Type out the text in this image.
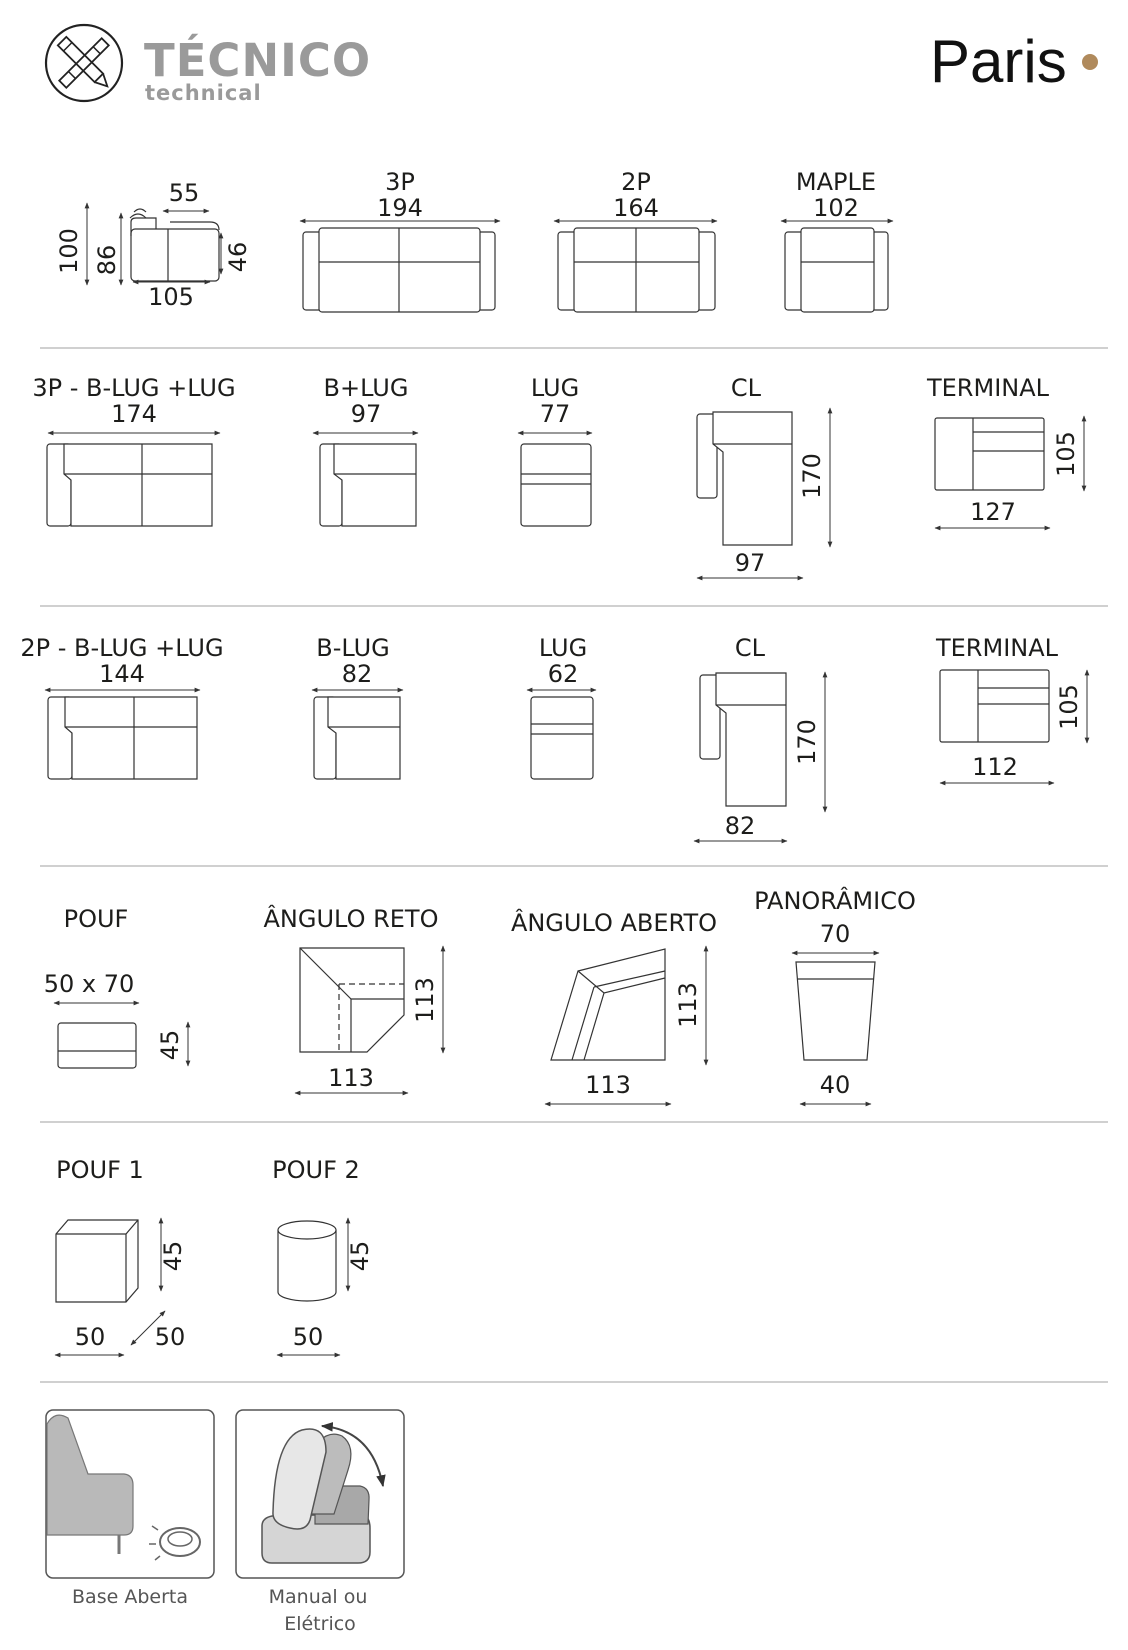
TÉCNICO
technical	Paris
55
100 86	46
105
3P
194
2P
164
MAPLE
102
3P - B-LUG +LUG
174
B+LUG
97
LUG
77
CL
170
97
TERMINAL
105
127
2P - B-LUG +LUG
144
B-LUG
82
LUG
62
CL
170
82
TERMINAL
105
112
POUF
50 x 70
45
ÂNGULO RETO
113
113
ÂNGULO ABERTO
113
113
PANORÂMICO
70
40
POUF 1
45
50 50
POUF 2
45
50
Base Aberta	Manual ou
Elétrico
